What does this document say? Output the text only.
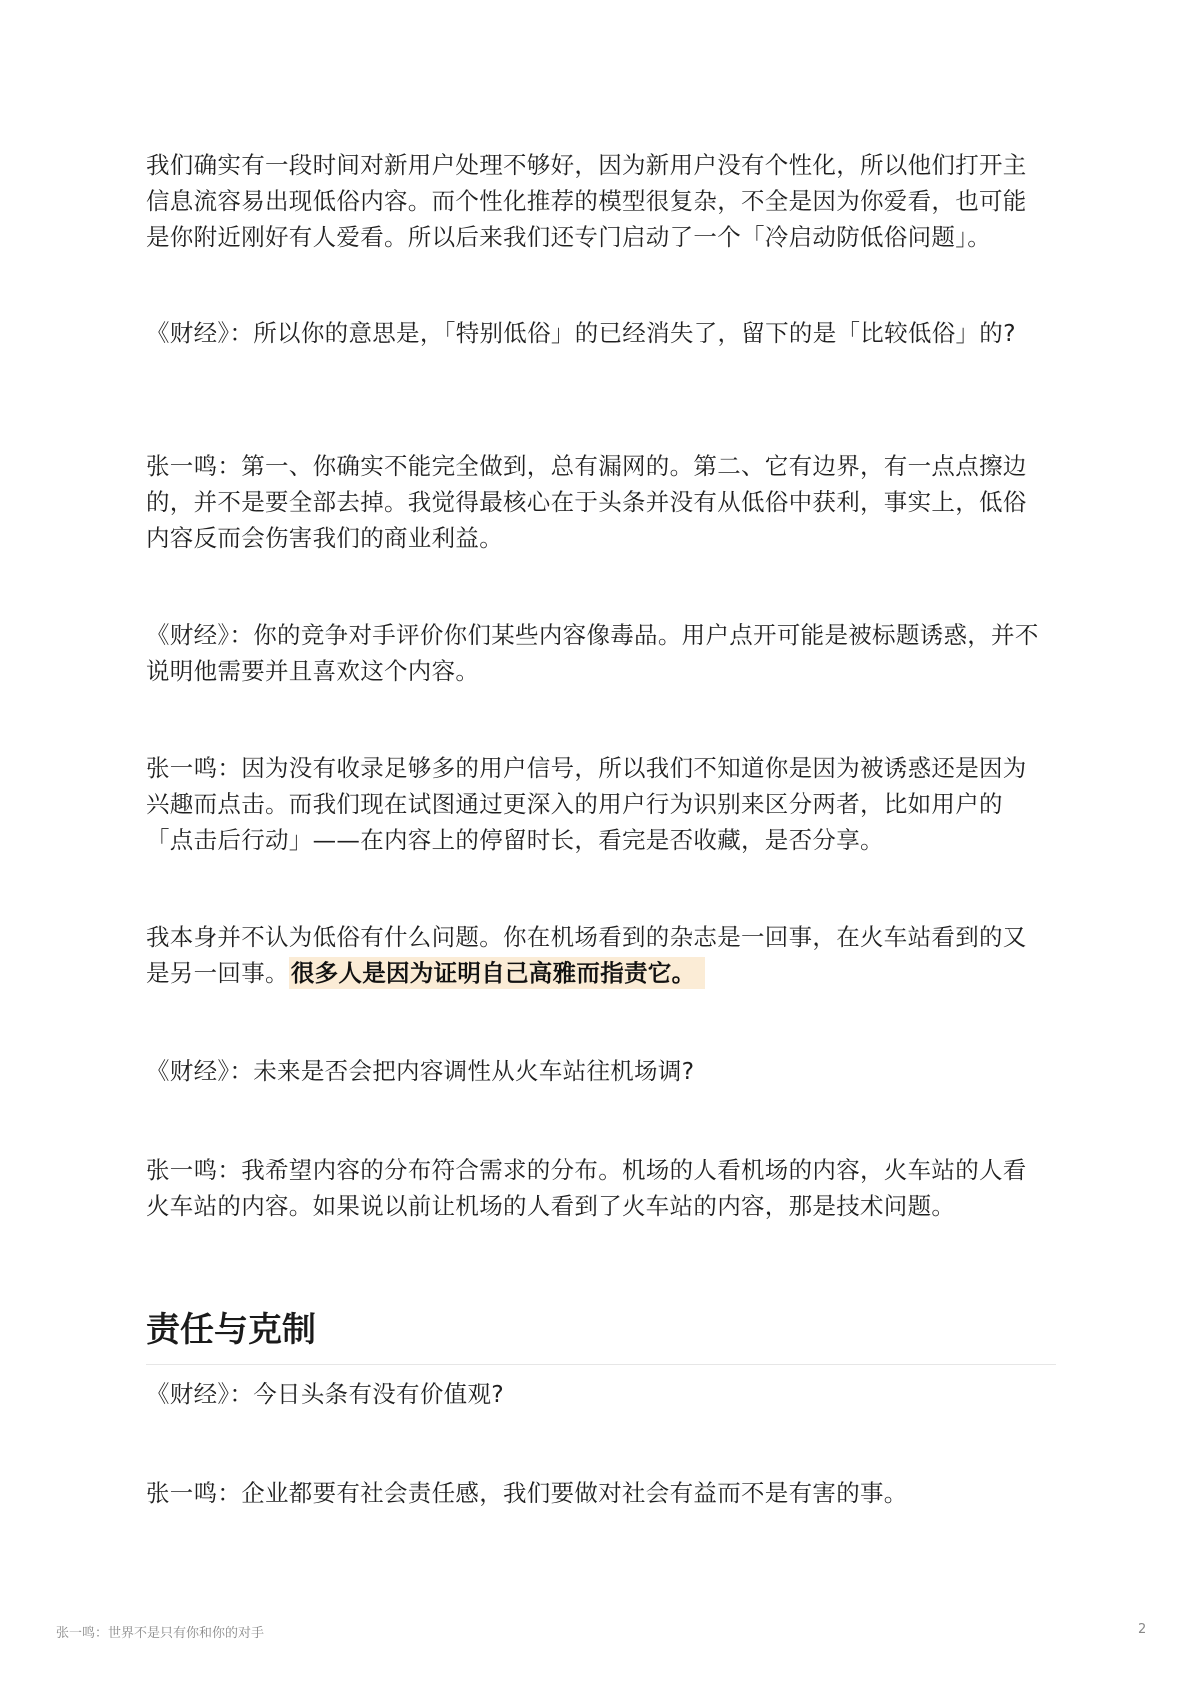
我们确实有一段时间对新用户处理不够好，因为新用户没有个性化，所以他们打开主信息流容易出现低俗内容。而个性化推荐的模型很复杂，不全是因为你爱看，也可能是你附近刚好有人爱看。所以后来我们还专门启动了一个「冷启动防低俗问题」。

《财经》：所以你的意思是，「特别低俗」的已经消失了，留下的是「比较低俗」的?

张一鸣：第一、你确实不能完全做到，总有漏网的。第二、它有边界，有一点点擦边的，并不是要全部去掉。我觉得最核心在于头条并没有从低俗中获利，事实上，低俗内容反而会伤害我们的商业利益。

《财经》：你的竞争对手评价你们某些内容像毒品。用户点开可能是被标题诱惑，并不说明他需要并且喜欢这个内容。

张一鸣：因为没有收录足够多的用户信号，所以我们不知道你是因为被诱惑还是因为兴趣而点击。而我们现在试图通过更深入的用户行为识别来区分两者，比如用户的「点击后行动」——在内容上的停留时长，看完是否收藏，是否分享。

我本身并不认为低俗有什么问题。你在机场看到的杂志是一回事，在火车站看到的又是另一回事。很多人是因为证明自己高雅而指责它。

《财经》：未来是否会把内容调性从火车站往机场调?

张一鸣：我希望内容的分布符合需求的分布。机场的人看机场的内容，火车站的人看火车站的内容。如果说以前让机场的人看到了火车站的内容，那是技术问题。

责任与克制

《财经》：今日头条有没有价值观?

张一鸣：企业都要有社会责任感，我们要做对社会有益而不是有害的事。

张一鸣：世界不是只有你和你的对手	2
